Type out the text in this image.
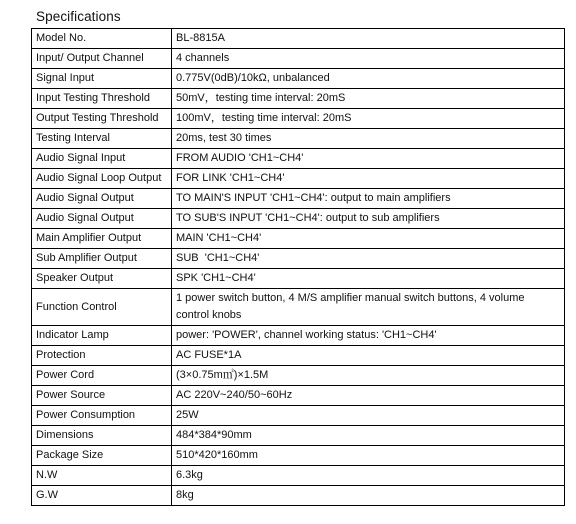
Specifications
Model No.	BL-8815A
Input/ Output Channel	4 channels
Signal Input	0.775V(0dB)/10kΩ, unbalanced
Input Testing Threshold	50mV，testing time interval: 20mS
Output Testing Threshold	100mV，testing time interval: 20mS
Testing Interval	20ms, test 30 times
Audio Signal Input	FROM AUDIO 'CH1~CH4'
Audio Signal Loop Output	FOR LINK 'CH1~CH4'
Audio Signal Output	TO MAIN'S INPUT 'CH1~CH4': output to main amplifiers
Audio Signal Output	TO SUB'S INPUT 'CH1~CH4': output to sub amplifiers
Main Amplifier Output	MAIN 'CH1~CH4'
Sub Amplifier Output	SUB  'CH1~CH4'
Speaker Output	SPK 'CH1~CH4'
Function Control	1 power switch button, 4 M/S amplifier manual switch buttons, 4 volume control knobs
Indicator Lamp	power: 'POWER', channel working status: 'CH1~CH4'
Protection	AC FUSE*1A
Power Cord	(3×0.75m㎡)×1.5M
Power Source	AC 220V~240/50~60Hz
Power Consumption	25W
Dimensions	484*384*90mm
Package Size	510*420*160mm
N.W	6.3kg
G.W	8kg
